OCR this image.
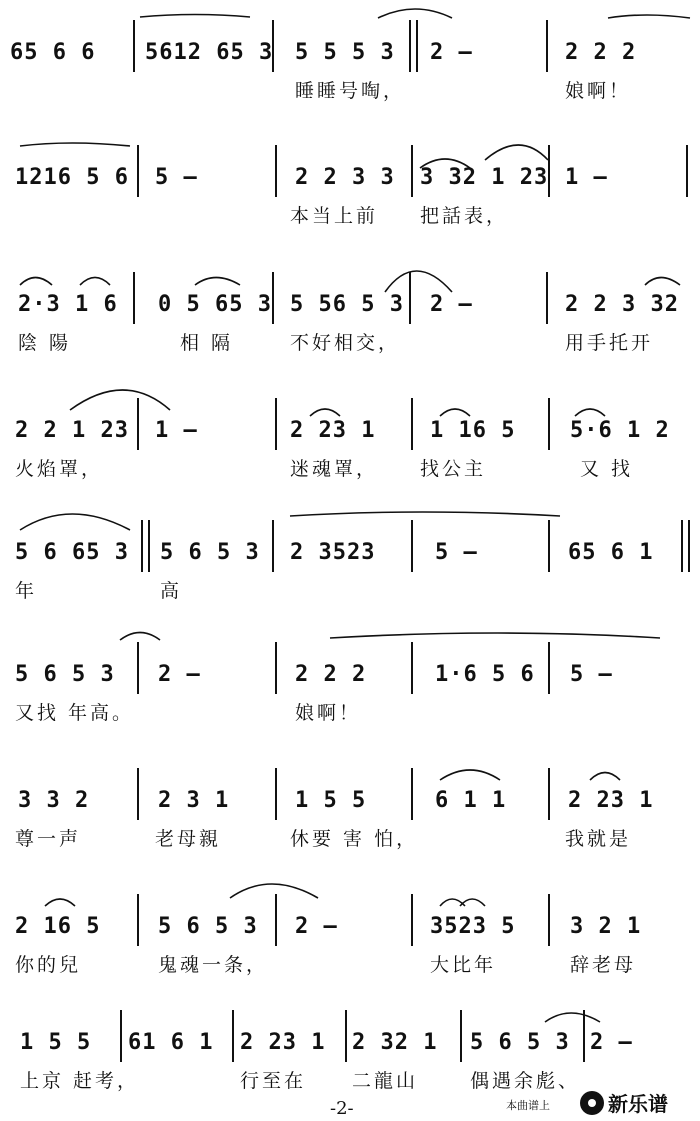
65 6 6 5612 65 3 5 5 5 3 2 –	2 2 2
睡睡号啕，	娘啊！
1216 5 6 5 –	2 2 3 3 3 32 1 23 1 –
本当上前 把話表，
2·3 1 6 0 5 65 3 5 56 5 3 2 –	2 2 3 32
陰 陽	相 隔	不好相交，	用手托开
2 2 1 23 1 –	2 23 1 1 16 5 5·6 1 2
火焰罩，	迷魂罩， 找公主	又 找
5 6 65 3 5 6 5 3 2 3523	5 –	65 6 1
年	高
5 6 5 3 2 –	2 2 2	1·6 5 6 5 –
又找 年高。	娘啊！
3 3 2	2 3 1	1 5 5	6 1 1	2 23 1
尊一声	老母親	休要 害 怕，	我就是
2 16 5	5 6 5 3 2 –	3523 5 3 2 1
你的兒	鬼魂一条，	大比年	辞老母
1 5 5 61 6 1 2 23 1 2 32 1 5 6 5 3 2 –
上京 赶考，	行至在 二龍山	偶遇余彪、
-2-	本曲谱上	新乐谱
